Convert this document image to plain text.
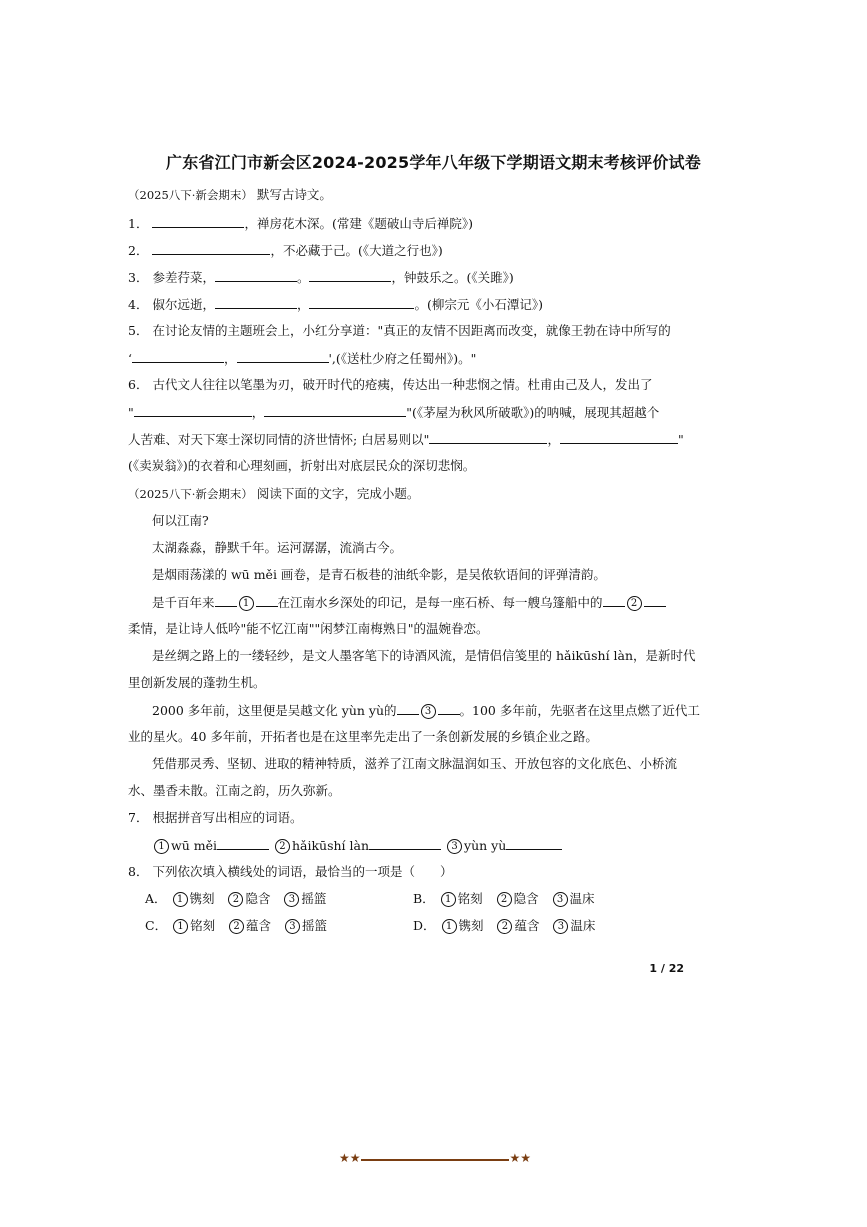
广东省江门市新会区2024-2025学年八年级下学期语文期末考核评价试卷
（2025八下·新会期末） 默写古诗文。
1．	，禅房花木深。(常建《题破山寺后禅院》)
2．	，不必藏于己。(《大道之行也》)
3． 参差荇菜，	。	，钟鼓乐之。(《关雎》)
4． 俶尔远逝，	，	。(柳宗元《小石潭记》)
5． 在讨论友情的主题班会上，小红分享道："真正的友情不因距离而改变，就像王勃在诗中所写的
‘	，	',(《送杜少府之任蜀州》)。"
6． 古代文人往往以笔墨为刃，破开时代的疮痍，传达出一种悲悯之情。杜甫由己及人，发出了
"	，	"(《茅屋为秋风所破歌》)的呐喊，展现其超越个
人苦难、对天下寒士深切同情的济世情怀; 白居易则以"	，	"
(《卖炭翁》)的衣着和心理刻画，折射出对底层民众的深切悲悯。
（2025八下·新会期末） 阅读下面的文字，完成小题。
何以江南?
太湖淼淼，静默千年。运河潺潺，流淌古今。
是烟雨荡漾的 wū měi 画卷，是青石板巷的油纸伞影，是吴侬软语间的评弹清韵。
是千百年来	1 在江南水乡深处的印记，是每一座石桥、每一艘乌篷船中的	2
柔情，是让诗人低吟"能不忆江南""闲梦江南梅熟日"的温婉眷恋。
是丝绸之路上的一缕轻纱，是文人墨客笔下的诗酒风流，是情侣信笺里的 hǎikūshí làn，是新时代
里创新发展的蓬勃生机。
2000 多年前，这里便是吴越文化 yùn yù的	3 。100 多年前，先驱者在这里点燃了近代工
业的星火。40 多年前，开拓者也是在这里率先走出了一条创新发展的乡镇企业之路。
凭借那灵秀、坚韧、进取的精神特质，滋养了江南文脉温润如玉、开放包容的文化底色、小桥流
水、墨香未散。江南之韵，历久弥新。
7． 根据拼音写出相应的词语。
1 wū měi	2 hǎikūshí làn	3 yùn yù
8． 下列依次填入横线处的词语，最恰当的一项是（　　）
A． 1 镌刻 2 隐含 3 摇篮	B． 1 铭刻 2 隐含 3 温床
C． 1 铭刻 2 蕴含 3 摇篮	D． 1 镌刻 2 蕴含 3 温床
1 / 22
★★	★★
